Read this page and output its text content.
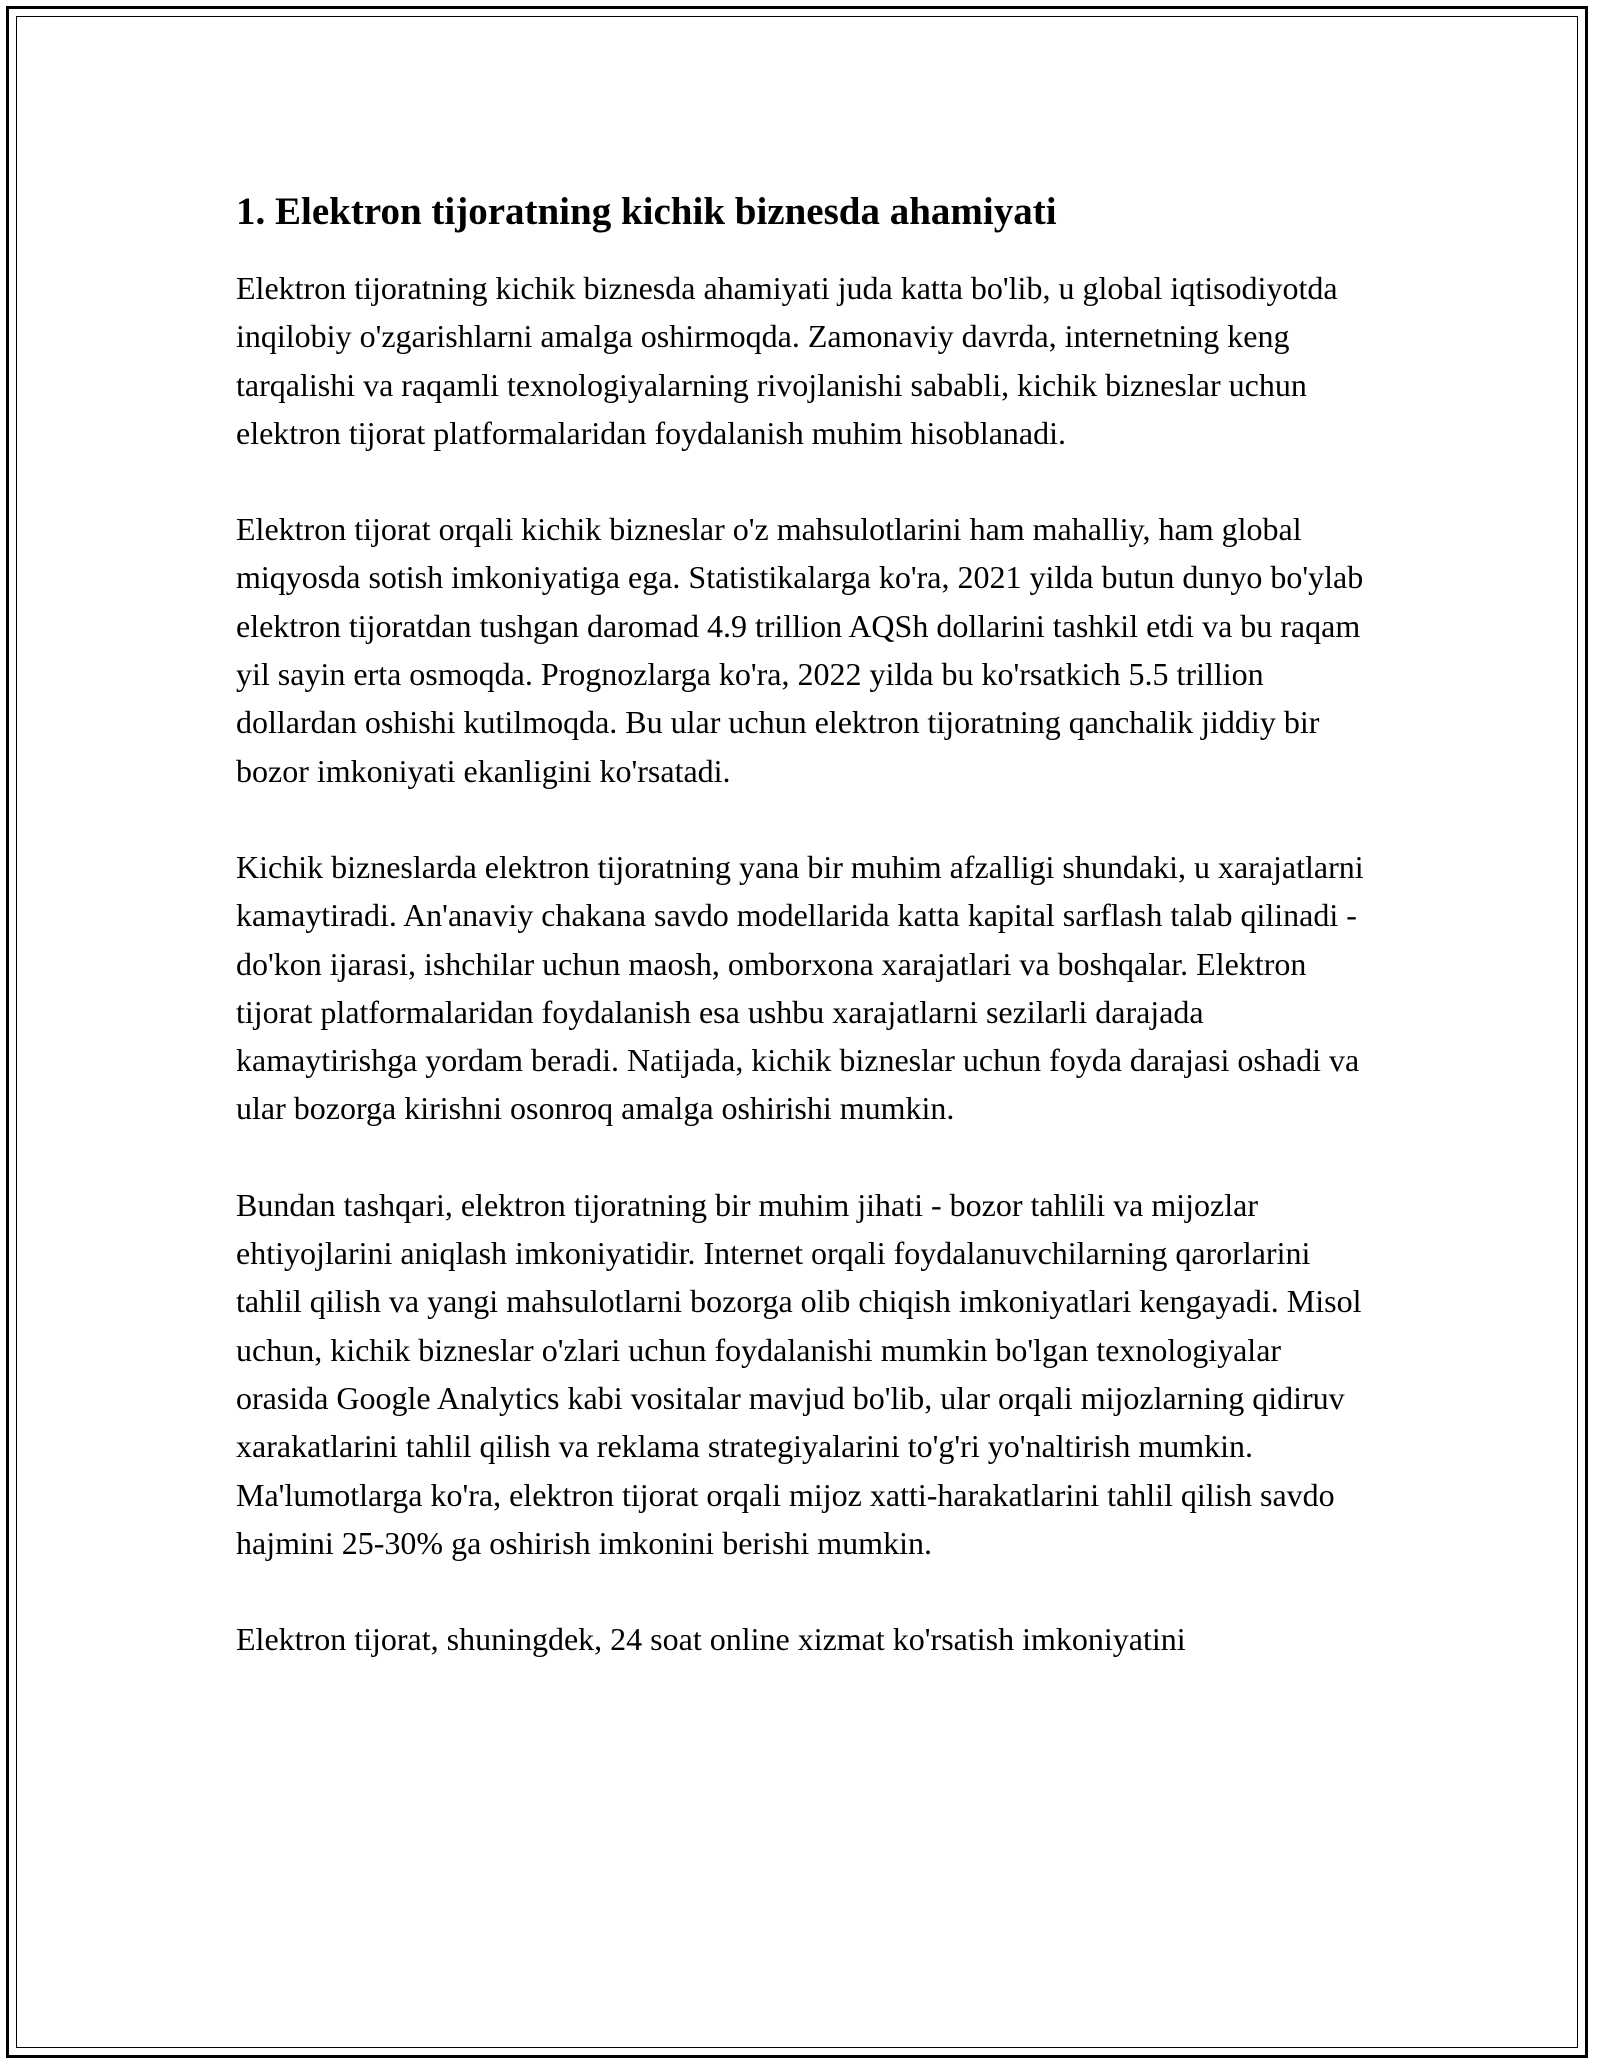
1. Elektron tijoratning kichik biznesda ahamiyati

Elektron tijoratning kichik biznesda ahamiyati juda katta bo'lib, u global iqtisodiyotda inqilobiy o'zgarishlarni amalga oshirmoqda. Zamonaviy davrda, internetning keng tarqalishi va raqamli texnologiyalarning rivojlanishi sababli, kichik bizneslar uchun elektron tijorat platformalaridan foydalanish muhim hisoblanadi.

Elektron tijorat orqali kichik bizneslar o'z mahsulotlarini ham mahalliy, ham global miqyosda sotish imkoniyatiga ega. Statistikalarga ko'ra, 2021 yilda butun dunyo bo'ylab elektron tijoratdan tushgan daromad 4.9 trillion AQSh dollarini tashkil etdi va bu raqam yil sayin erta osmoqda. Prognozlarga ko'ra, 2022 yilda bu ko'rsatkich 5.5 trillion dollardan oshishi kutilmoqda. Bu ular uchun elektron tijoratning qanchalik jiddiy bir bozor imkoniyati ekanligini ko'rsatadi.

Kichik bizneslarda elektron tijoratning yana bir muhim afzalligi shundaki, u xarajatlarni kamaytiradi. An'anaviy chakana savdo modellarida katta kapital sarflash talab qilinadi - do'kon ijarasi, ishchilar uchun maosh, omborxona xarajatlari va boshqalar. Elektron tijorat platformalaridan foydalanish esa ushbu xarajatlarni sezilarli darajada kamaytirishga yordam beradi. Natijada, kichik bizneslar uchun foyda darajasi oshadi va ular bozorga kirishni osonroq amalga oshirishi mumkin.

Bundan tashqari, elektron tijoratning bir muhim jihati - bozor tahlili va mijozlar ehtiyojlarini aniqlash imkoniyatidir. Internet orqali foydalanuvchilarning qarorlarini tahlil qilish va yangi mahsulotlarni bozorga olib chiqish imkoniyatlari kengayadi. Misol uchun, kichik bizneslar o'zlari uchun foydalanishi mumkin bo'lgan texnologiyalar orasida Google Analytics kabi vositalar mavjud bo'lib, ular orqali mijozlarning qidiruv xarakatlarini tahlil qilish va reklama strategiyalarini to'g'ri yo'naltirish mumkin. Ma'lumotlarga ko'ra, elektron tijorat orqali mijoz xatti-harakatlarini tahlil qilish savdo hajmini 25-30% ga oshirish imkonini berishi mumkin.

Elektron tijorat, shuningdek, 24 soat online xizmat ko'rsatish imkoniyatini
